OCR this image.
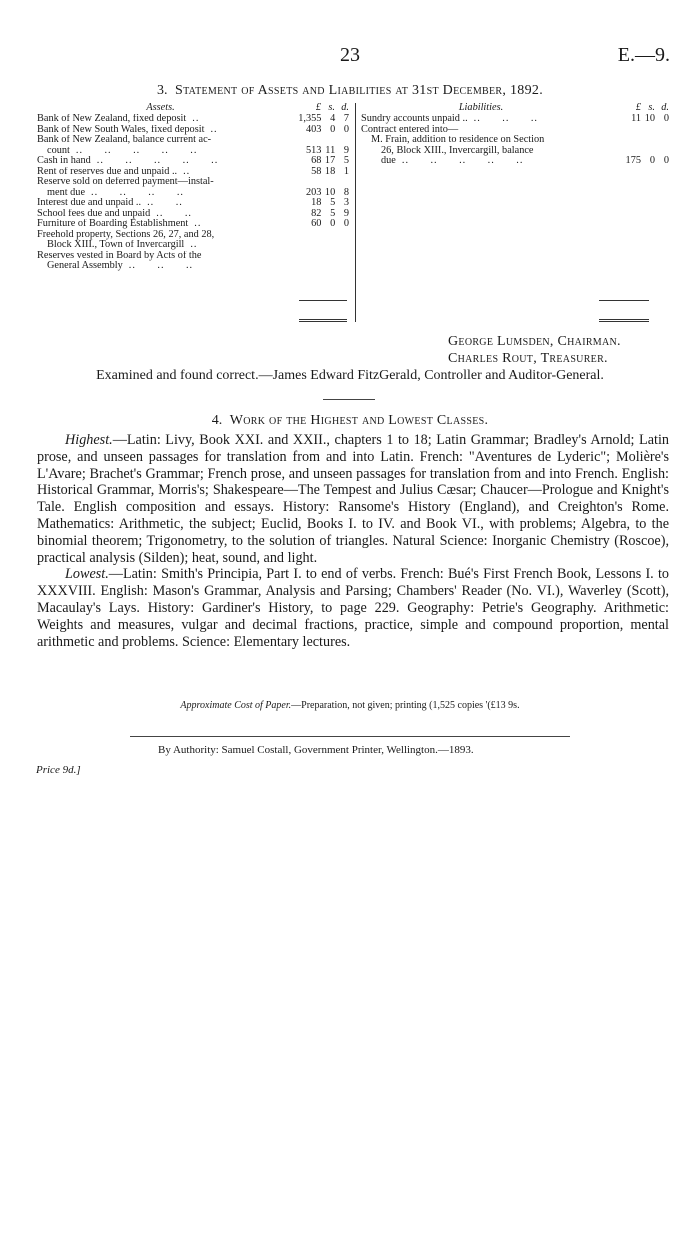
23	E.—9.
3. Statement of Assets and Liabilities at 31st December, 1892.
Assets.
Bank of New Zealand, fixed deposit ..
Bank of New South Wales, fixed deposit ..
Bank of New Zealand, balance current ac-
count ..      ..      ..      ..      ..
Cash in hand ..      ..      ..      ..      ..
Rent of reserves due and unpaid .. ..
Reserve sold on deferred payment—instal-
ment due ..      ..      ..      ..
Interest due and unpaid .. ..      ..
School fees due and unpaid ..      ..
Furniture of Boarding Establishment ..
Freehold property, Sections 26, 27, and 28,
Block XIII., Town of Invercargill ..
Reserves vested in Board by Acts of the
General Assembly ..      ..      ..
£ s. d.
1,355 4 7
403 0 0
513 11 9
68 17 5
58 18 1
203 10 8
18 5 3
82 5 9
60 0 0
Liabilities.
Sundry accounts unpaid .. ..      ..      ..
Contract entered into—
M. Frain, addition to residence on Section
26, Block XIII., Invercargill, balance
due ..      ..      ..      ..      ..
£ s. d.
11 10 0
175 0 0
George Lumsden, Chairman.
Charles Rout, Treasurer.
Examined and found correct.—James Edward FitzGerald, Controller and Auditor-General.
4. Work of the Highest and Lowest Classes.

Highest.—Latin: Livy, Book XXI. and XXII., chapters 1 to 18; Latin Grammar; Bradley's Arnold; Latin prose, and unseen passages for translation from and into Latin. French: "Aventures de Lyderic"; Molière's L'Avare; Brachet's Grammar; French prose, and unseen passages for translation from and into French. English: Historical Grammar, Morris's; Shakespeare—The Tempest and Julius Cæsar; Chaucer—Prologue and Knight's Tale. English composition and essays. History: Ransome's History (England), and Creighton's Rome. Mathematics: Arithmetic, the subject; Euclid, Books I. to IV. and Book VI., with problems; Algebra, to the binomial theorem; Trigonometry, to the solution of triangles. Natural Science: Inorganic Chemistry (Roscoe), practical analysis (Silden); heat, sound, and light.

Lowest.—Latin: Smith's Principia, Part I. to end of verbs. French: Bué's First French Book, Lessons I. to XXXVIII. English: Mason's Grammar, Analysis and Parsing; Chambers' Reader (No. VI.), Waverley (Scott), Macaulay's Lays. History: Gardiner's History, to page 229. Geography: Petrie's Geography. Arithmetic: Weights and measures, vulgar and decimal fractions, practice, simple and compound proportion, mental arithmetic and problems. Science: Elementary lectures.

Approximate Cost of Paper.—Preparation, not given; printing (1,525 copies '(£13 9s.
By Authority: Samuel Costall, Government Printer, Wellington.—1893.
Price 9d.]
